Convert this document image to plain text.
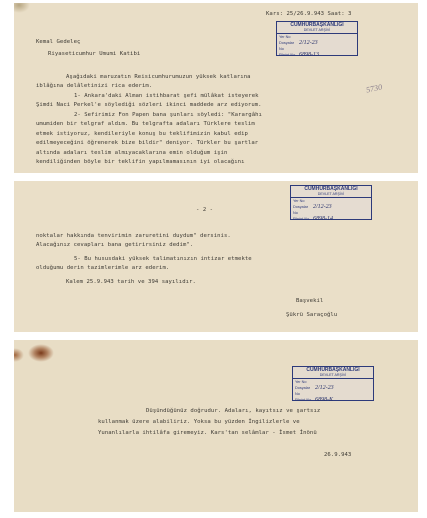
Kars: 25/26.9.943 Saat: 3
Kemal Gedeleç
Riyaseticumhur Umumi Katibi
Aşağıdaki maruzatın Reisicumhurumuzun yüksek katlarına
iblâğına delâletinizi rica ederim.
1- Ankara'daki Alman istihbarat şefi mülâkat isteyerek
Şimdi Naci Perkel'e söylediği sözleri ikinci maddede arz ediyorum.
2- Sefirimiz Fon Papen bana şunları söyledi: "Karargâhı
umumiden bir telgraf aldım. Bu telgrafta adaları Türklere teslim
etmek istiyoruz, kendileriyle konuş bu teklifimizin kabul edip
edilmeyeceğini öğrenerek bize bildir" deniyor. Türkler bu şartlar
altında adaları teslim almıyacaklarına emin olduğum işin
kendiliğinden böyle bir teklifin yapılmamasının iyi olacağını
5730
CUMHURBAŞKANLIĞI
DEVLET ARŞİVİ
Yer No
Dosyalar No
2/12-23
Fihrist No 6898-13
- 2 -
noktalar hakkında tenvirimin zaruretini duydum" dersinis.
Alacağınız cevapları bana getirirsiniz dedim".
5- Bu hususdaki yüksek talimatınızın intizar etmekte
olduğumu derin tazimlerimle arz ederim.
Kalem 25.9.943 tarih ve 394 sayılıdır.
Başvekil
Şükrü Saraçoğlu
CUMHURBAŞKANLIĞI
DEVLET ARŞİVİ
Yer No
Dosyalar No
2/12-23
Fihrist No 6898-14
Düşündüğünüz doğrudur. Adaları, kayıtsız ve şartsız
kullanmak üzere alabiliriz. Yoksa bu yüzden İngilizlerle ve
Yunanlılarla ihtilâfa giremeyiz. Kars'tan selâmlar - İsmet İnönü
26.9.943
CUMHURBAŞKANLIĞI
DEVLET ARŞİVİ
Yer No
Dosyalar No
2/12-23
Fihrist No 6898-K
